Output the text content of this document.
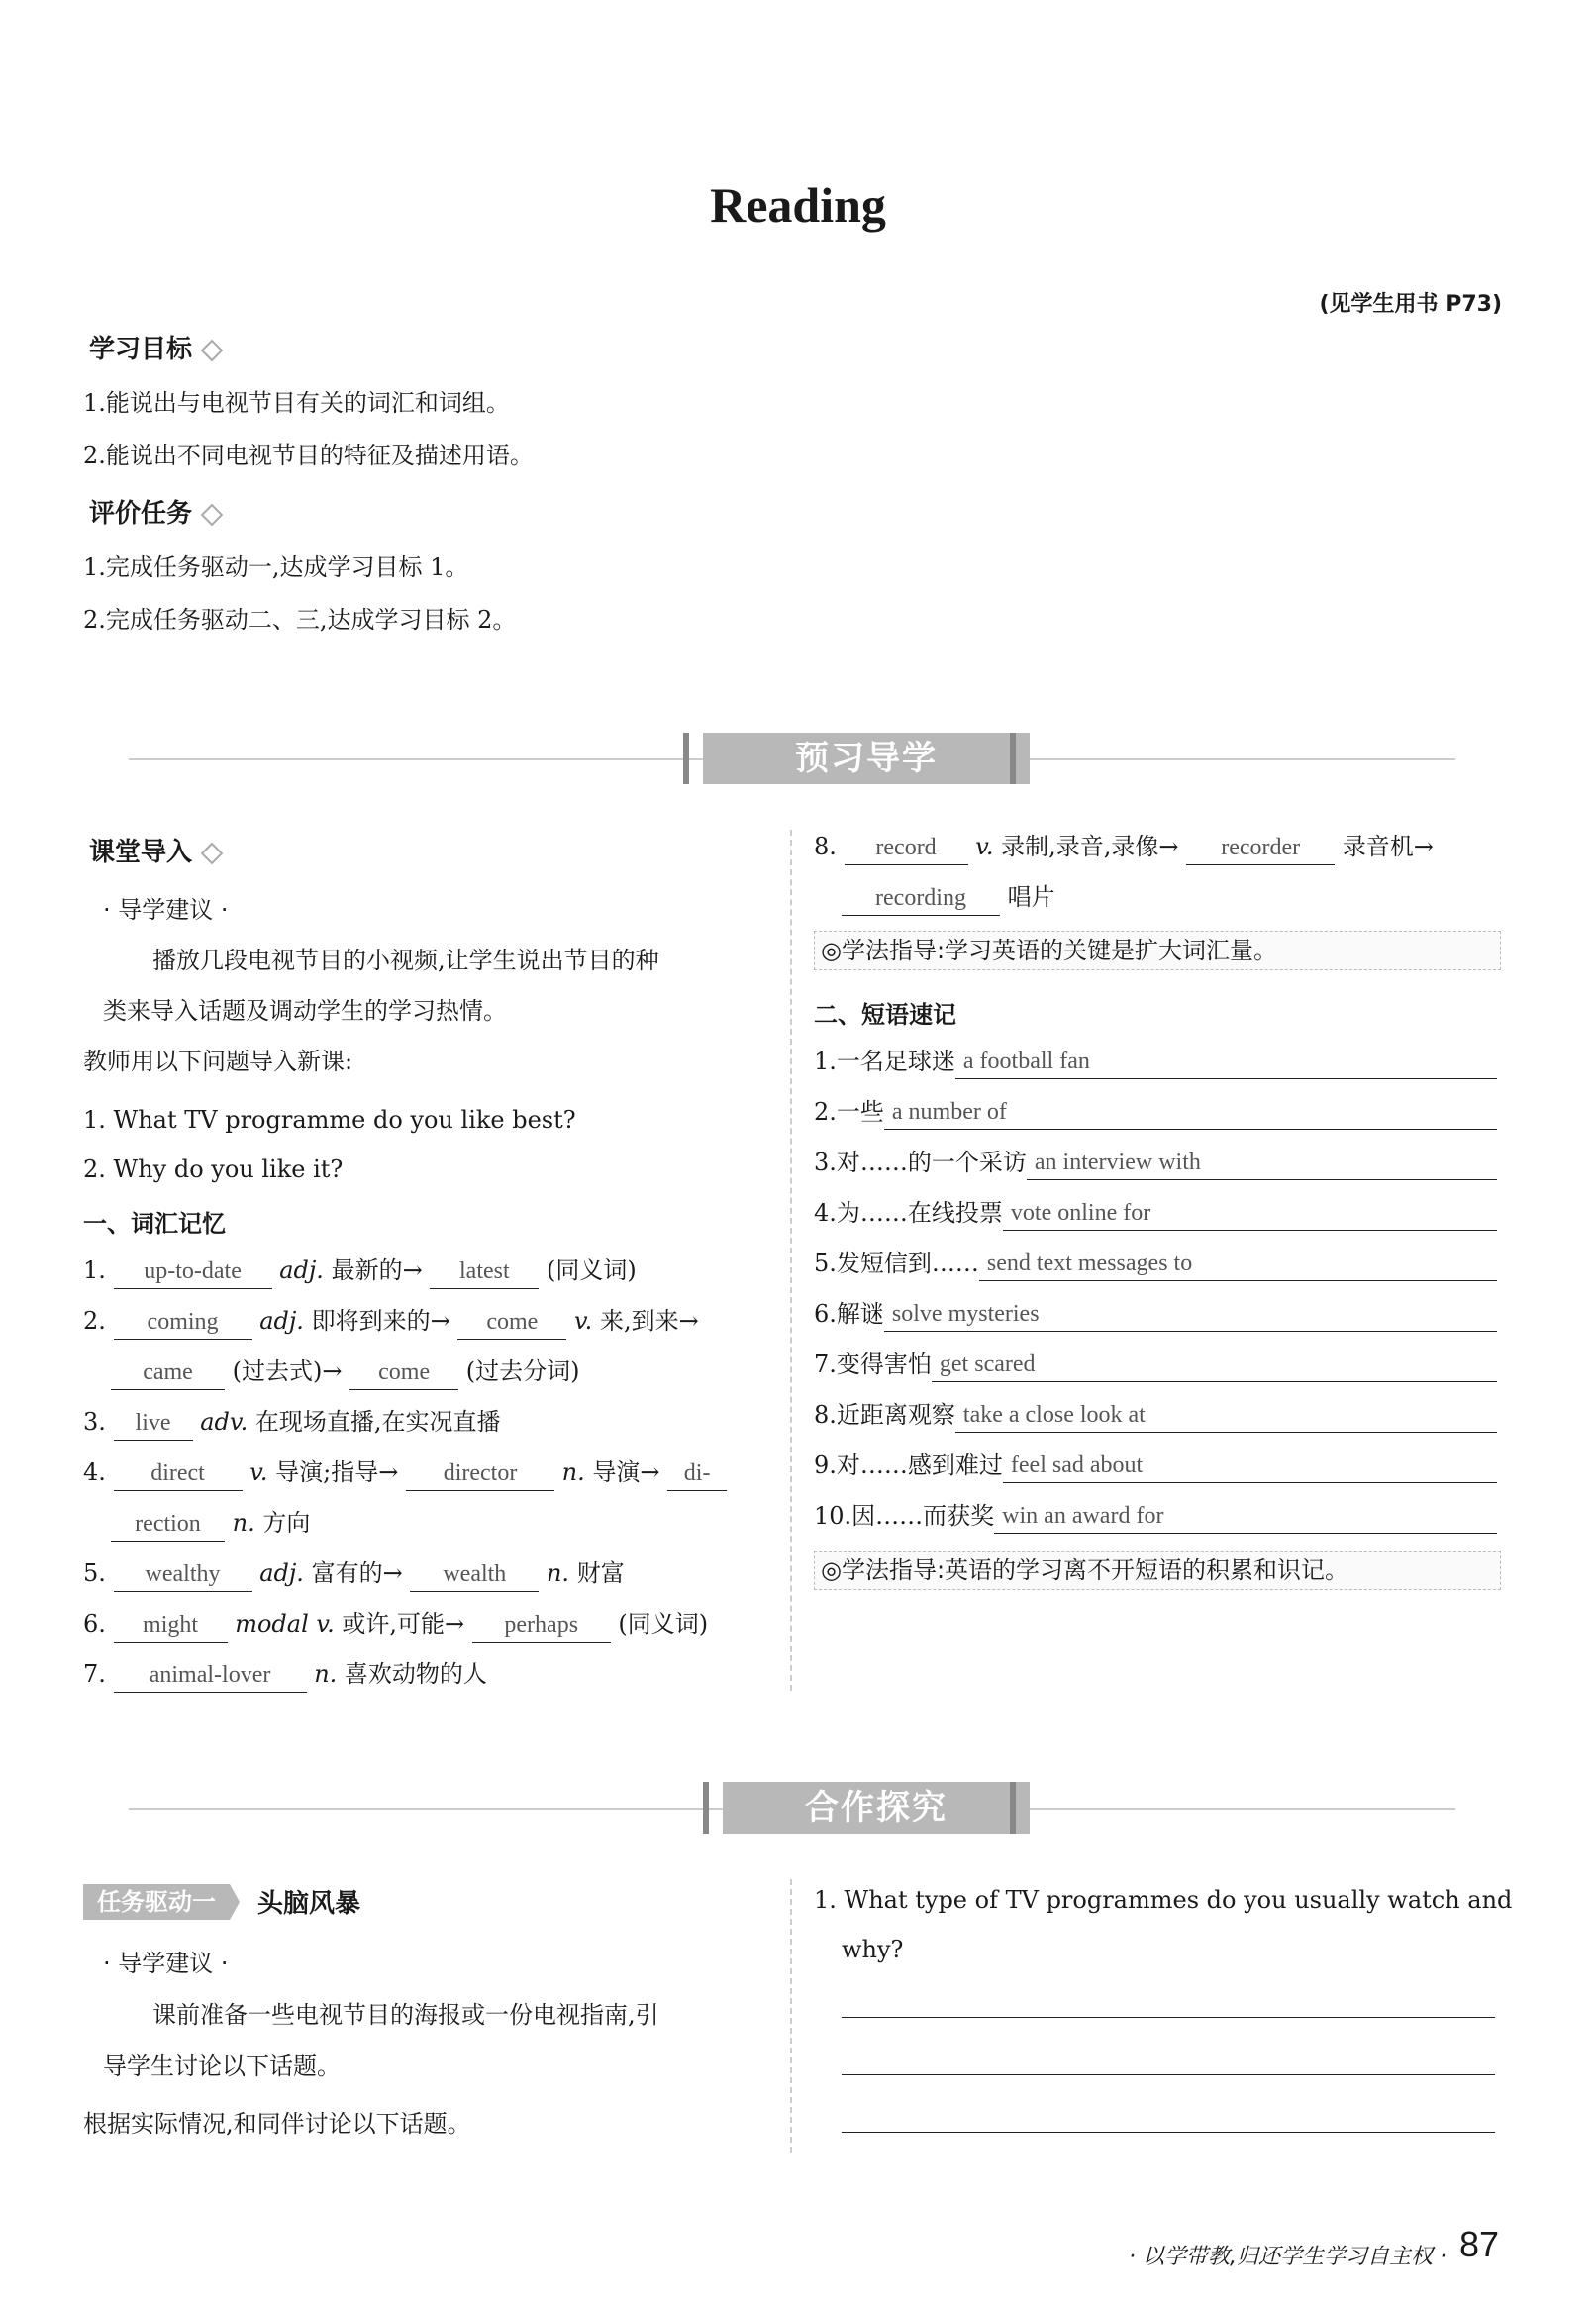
Reading
(见学生用书 P73)
学习目标
1.能说出与电视节目有关的词汇和词组。
2.能说出不同电视节目的特征及描述用语。
评价任务
1.完成任务驱动一,达成学习目标 1。
2.完成任务驱动二、三,达成学习目标 2。
预习导学
课堂导入
· 导学建议 ·
播放几段电视节目的小视频,让学生说出节目的种
类来导入话题及调动学生的学习热情。
教师用以下问题导入新课:
1. What TV programme do you like best?
2. Why do you like it?
一、词汇记忆
1. up-to-date adj. 最新的→ latest (同义词)
2. coming adj. 即将到来的→ come v. 来,到来→
came (过去式)→ come (过去分词)
3. live adv. 在现场直播,在实况直播
4. direct v. 导演;指导→ director n. 导演→ di-
rection n. 方向
5. wealthy adj. 富有的→ wealth n. 财富
6. might modal v. 或许,可能→ perhaps (同义词)
7. animal-lover n. 喜欢动物的人
8. record v. 录制,录音,录像→ recorder 录音机→
recording 唱片
◎学法指导:学习英语的关键是扩大词汇量。
二、短语速记
1.一名足球迷 a football fan
2.一些 a number of
3.对……的一个采访 an interview with
4.为……在线投票 vote online for
5.发短信到…… send text messages to
6.解谜 solve mysteries
7.变得害怕 get scared
8.近距离观察 take a close look at
9.对……感到难过 feel sad about
10.因……而获奖 win an award for
◎学法指导:英语的学习离不开短语的积累和识记。
合作探究
任务驱动一	头脑风暴
· 导学建议 ·
课前准备一些电视节目的海报或一份电视指南,引
导学生讨论以下话题。
根据实际情况,和同伴讨论以下话题。
1. What type of TV programmes do you usually watch and
why?
· 以学带教,归还学生学习自主权 · 87
